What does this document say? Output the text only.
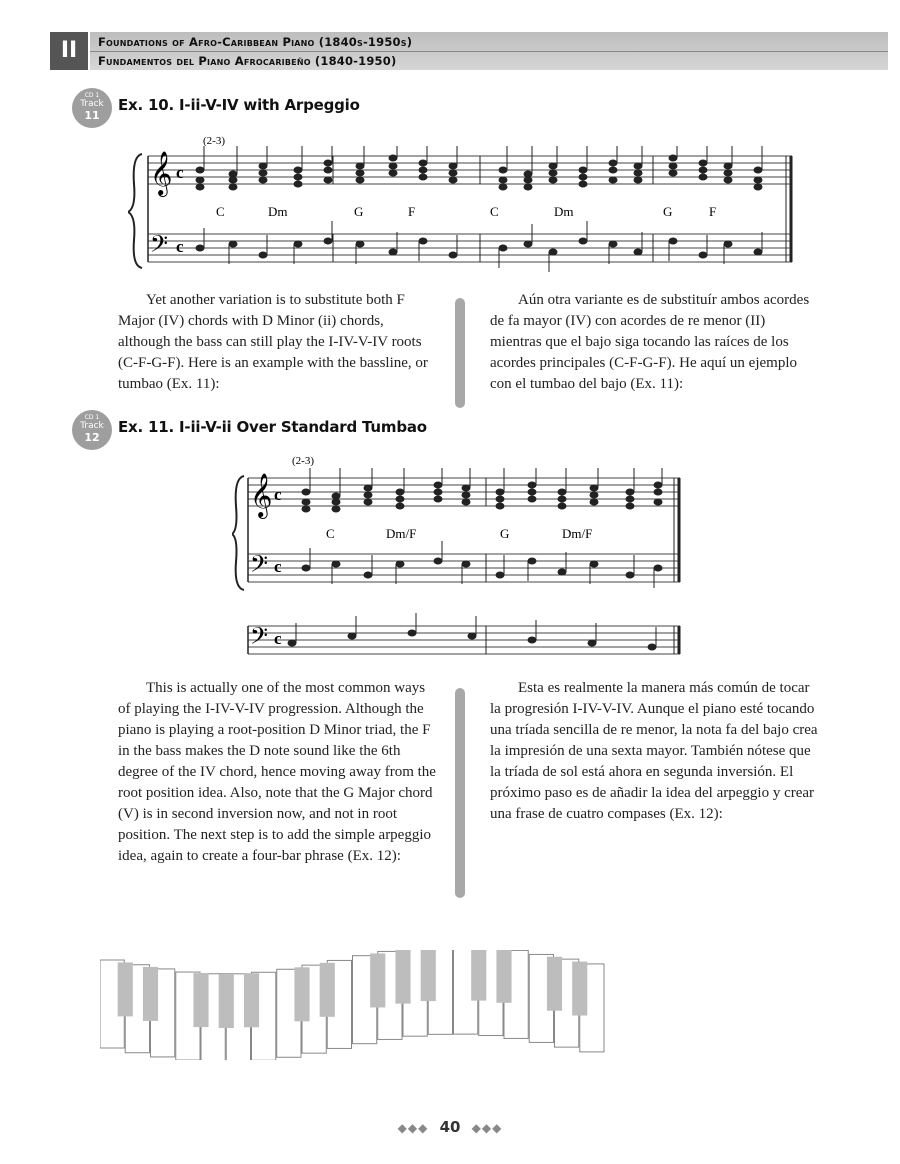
II	Foundations of Afro-Caribbean Piano (1840s-1950s)
Fundamentos del Piano Afrocaribeño (1840-1950)
CD 1
Track
11
Ex. 10. I-ii-V-IV with Arpeggio
(2-3)
𝄞
𝄢
c
c
C	Dm	G	F	C	Dm	G	F
Yet another variation is to substitute both F Major (IV) chords with D Minor (ii) chords, although the bass can still play the I-IV-V-IV roots (C-F-G-F). Here is an example with the bassline, or tumbao (Ex. 11):
Aún otra variante es de substituír ambos acordes de fa mayor (IV) con acordes de re menor (II) mientras que el bajo siga tocando las raíces de los acordes principales (C-F-G-F). He aquí un ejemplo con el tumbao del bajo (Ex. 11):
CD 1
Track
12
Ex. 11. I-ii-V-ii Over Standard Tumbao
(2-3)
𝄞
𝄢
𝄢
c
c
c
C	Dm/F	G	Dm/F
This is actually one of the most common ways of playing the I-IV-V-IV progression. Although the piano is playing a root-position D Minor triad, the F in the bass makes the D note sound like the 6th degree of the IV chord, hence moving away from the root position idea. Also, note that the G Major chord (V) is in second inversion now, and not in root position. The next step is to add the simple arpeggio idea, again to create a four-bar phrase (Ex. 12):
Esta es realmente la manera más común de tocar la progresión I-IV-V-IV. Aunque el piano esté tocando una tríada sencilla de re menor, la nota fa del bajo crea la impresión de una sexta mayor. También nótese que la tríada de sol está ahora en segunda inversión. El próximo paso es de añadir la idea del arpeggio y crear una frase de cuatro compases (Ex. 12):
◆◆◆ 40 ◆◆◆
